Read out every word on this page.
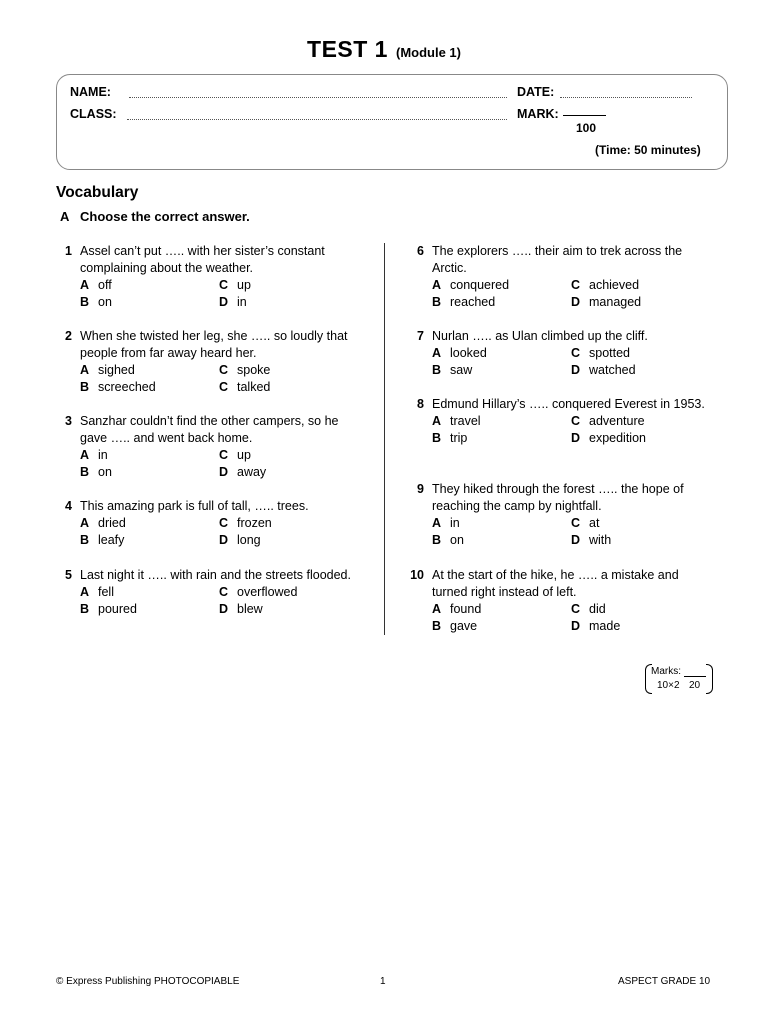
TEST 1 (Module 1)
NAME:	DATE:
CLASS:	MARK:
100
(Time: 50 minutes)
Vocabulary
A Choose the correct answer.
1 Assel can’t put ….. with her sister’s constant complaining about the weather.
A off	C up
B on	D in
2 When she twisted her leg, she ….. so loudly that people from far away heard her.
A sighed	C spoke
B screeched	C talked
3 Sanzhar couldn’t find the other campers, so he gave ….. and went back home.
A in	C up
B on	D away
4 This amazing park is full of tall, ….. trees.
A dried	C frozen
B leafy	D long
5 Last night it ….. with rain and the streets flooded.
A fell	C overflowed
B poured	D blew
6 The explorers ….. their aim to trek across the Arctic.
A conquered	C achieved
B reached	D managed
7 Nurlan ….. as Ulan climbed up the cliff.
A looked	C spotted
B saw	D watched
8 Edmund Hillary’s ….. conquered Everest in 1953.
A travel	C adventure
B trip	D expedition
9 They hiked through the forest ….. the hope of reaching the camp by nightfall.
A in	C at
B on	D with
10 At the start of the hike, he ….. a mistake and turned right instead of left.
A found	C did
B gave	D made
Marks:
10×2 20
© Express Publishing PHOTOCOPIABLE	1	ASPECT GRADE 10
